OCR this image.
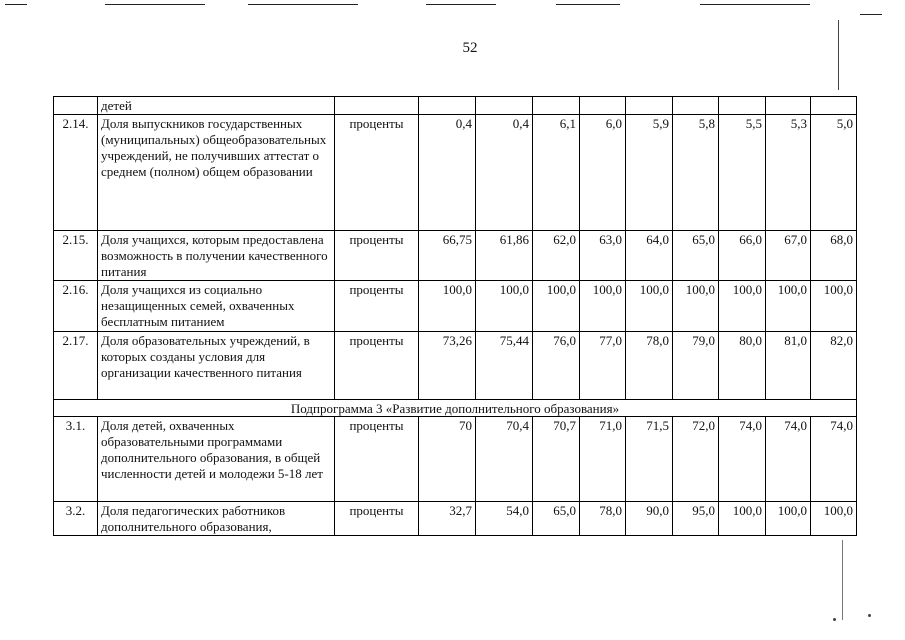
52
	детей										
2.14.	Доля выпускников государственных (муниципальных) общеобразовательных учреждений, не получивших аттестат о среднем (полном) общем образовании	проценты	0,4	0,4	6,1	6,0	5,9	5,8	5,5	5,3	5,0
2.15.	Доля учащихся, которым предоставлена возможность в получении качественного питания	проценты	66,75	61,86	62,0	63,0	64,0	65,0	66,0	67,0	68,0
2.16.	Доля учащихся из социально незащищенных семей, охваченных бесплатным питанием	проценты	100,0	100,0	100,0	100,0	100,0	100,0	100,0	100,0	100,0
2.17.	Доля образовательных учреждений, в которых созданы условия для организации качественного питания	проценты	73,26	75,44	76,0	77,0	78,0	79,0	80,0	81,0	82,0
Подпрограмма 3 «Развитие дополнительного образования»											
3.1.	Доля детей, охваченных образовательными программами дополнительного образования, в общей численности детей и молодежи 5-18 лет	проценты	70	70,4	70,7	71,0	71,5	72,0	74,0	74,0	74,0
3.2.	Доля педагогических работников дополнительного образования,	проценты	32,7	54,0	65,0	78,0	90,0	95,0	100,0	100,0	100,0
